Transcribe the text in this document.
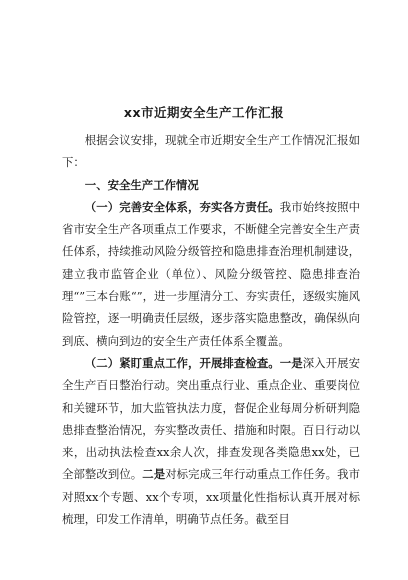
xx市近期安全生产工作汇报

根据会议安排，现就全市近期安全生产工作情况汇报如下：

一、安全生产工作情况

（一）完善安全体系，夯实各方责任。我市始终按照中省市安全生产各项重点工作要求，不断健全完善安全生产责任体系，持续推动风险分级管控和隐患排查治理机制建设，建立我市监管企业（单位）、风险分级管控、隐患排查治理“”三本台账“”，进一步厘清分工、夯实责任，逐级实施风险管控，逐一明确责任层级，逐步落实隐患整改，确保纵向到底、横向到边的安全生产责任体系全覆盖。

（二）紧盯重点工作，开展排查检查。一是深入开展安全生产百日整治行动。突出重点行业、重点企业、重要岗位和关键环节，加大监管执法力度，督促企业每周分析研判隐患排查整治情况，夯实整改责任、措施和时限。百日行动以来，出动执法检查xx余人次，排查发现各类隐患xx处，已全部整改到位。二是对标完成三年行动重点工作任务。我市对照xx个专题、xx个专项，xx项量化性指标认真开展对标梳理，印发工作清单，明确节点任务。截至目
